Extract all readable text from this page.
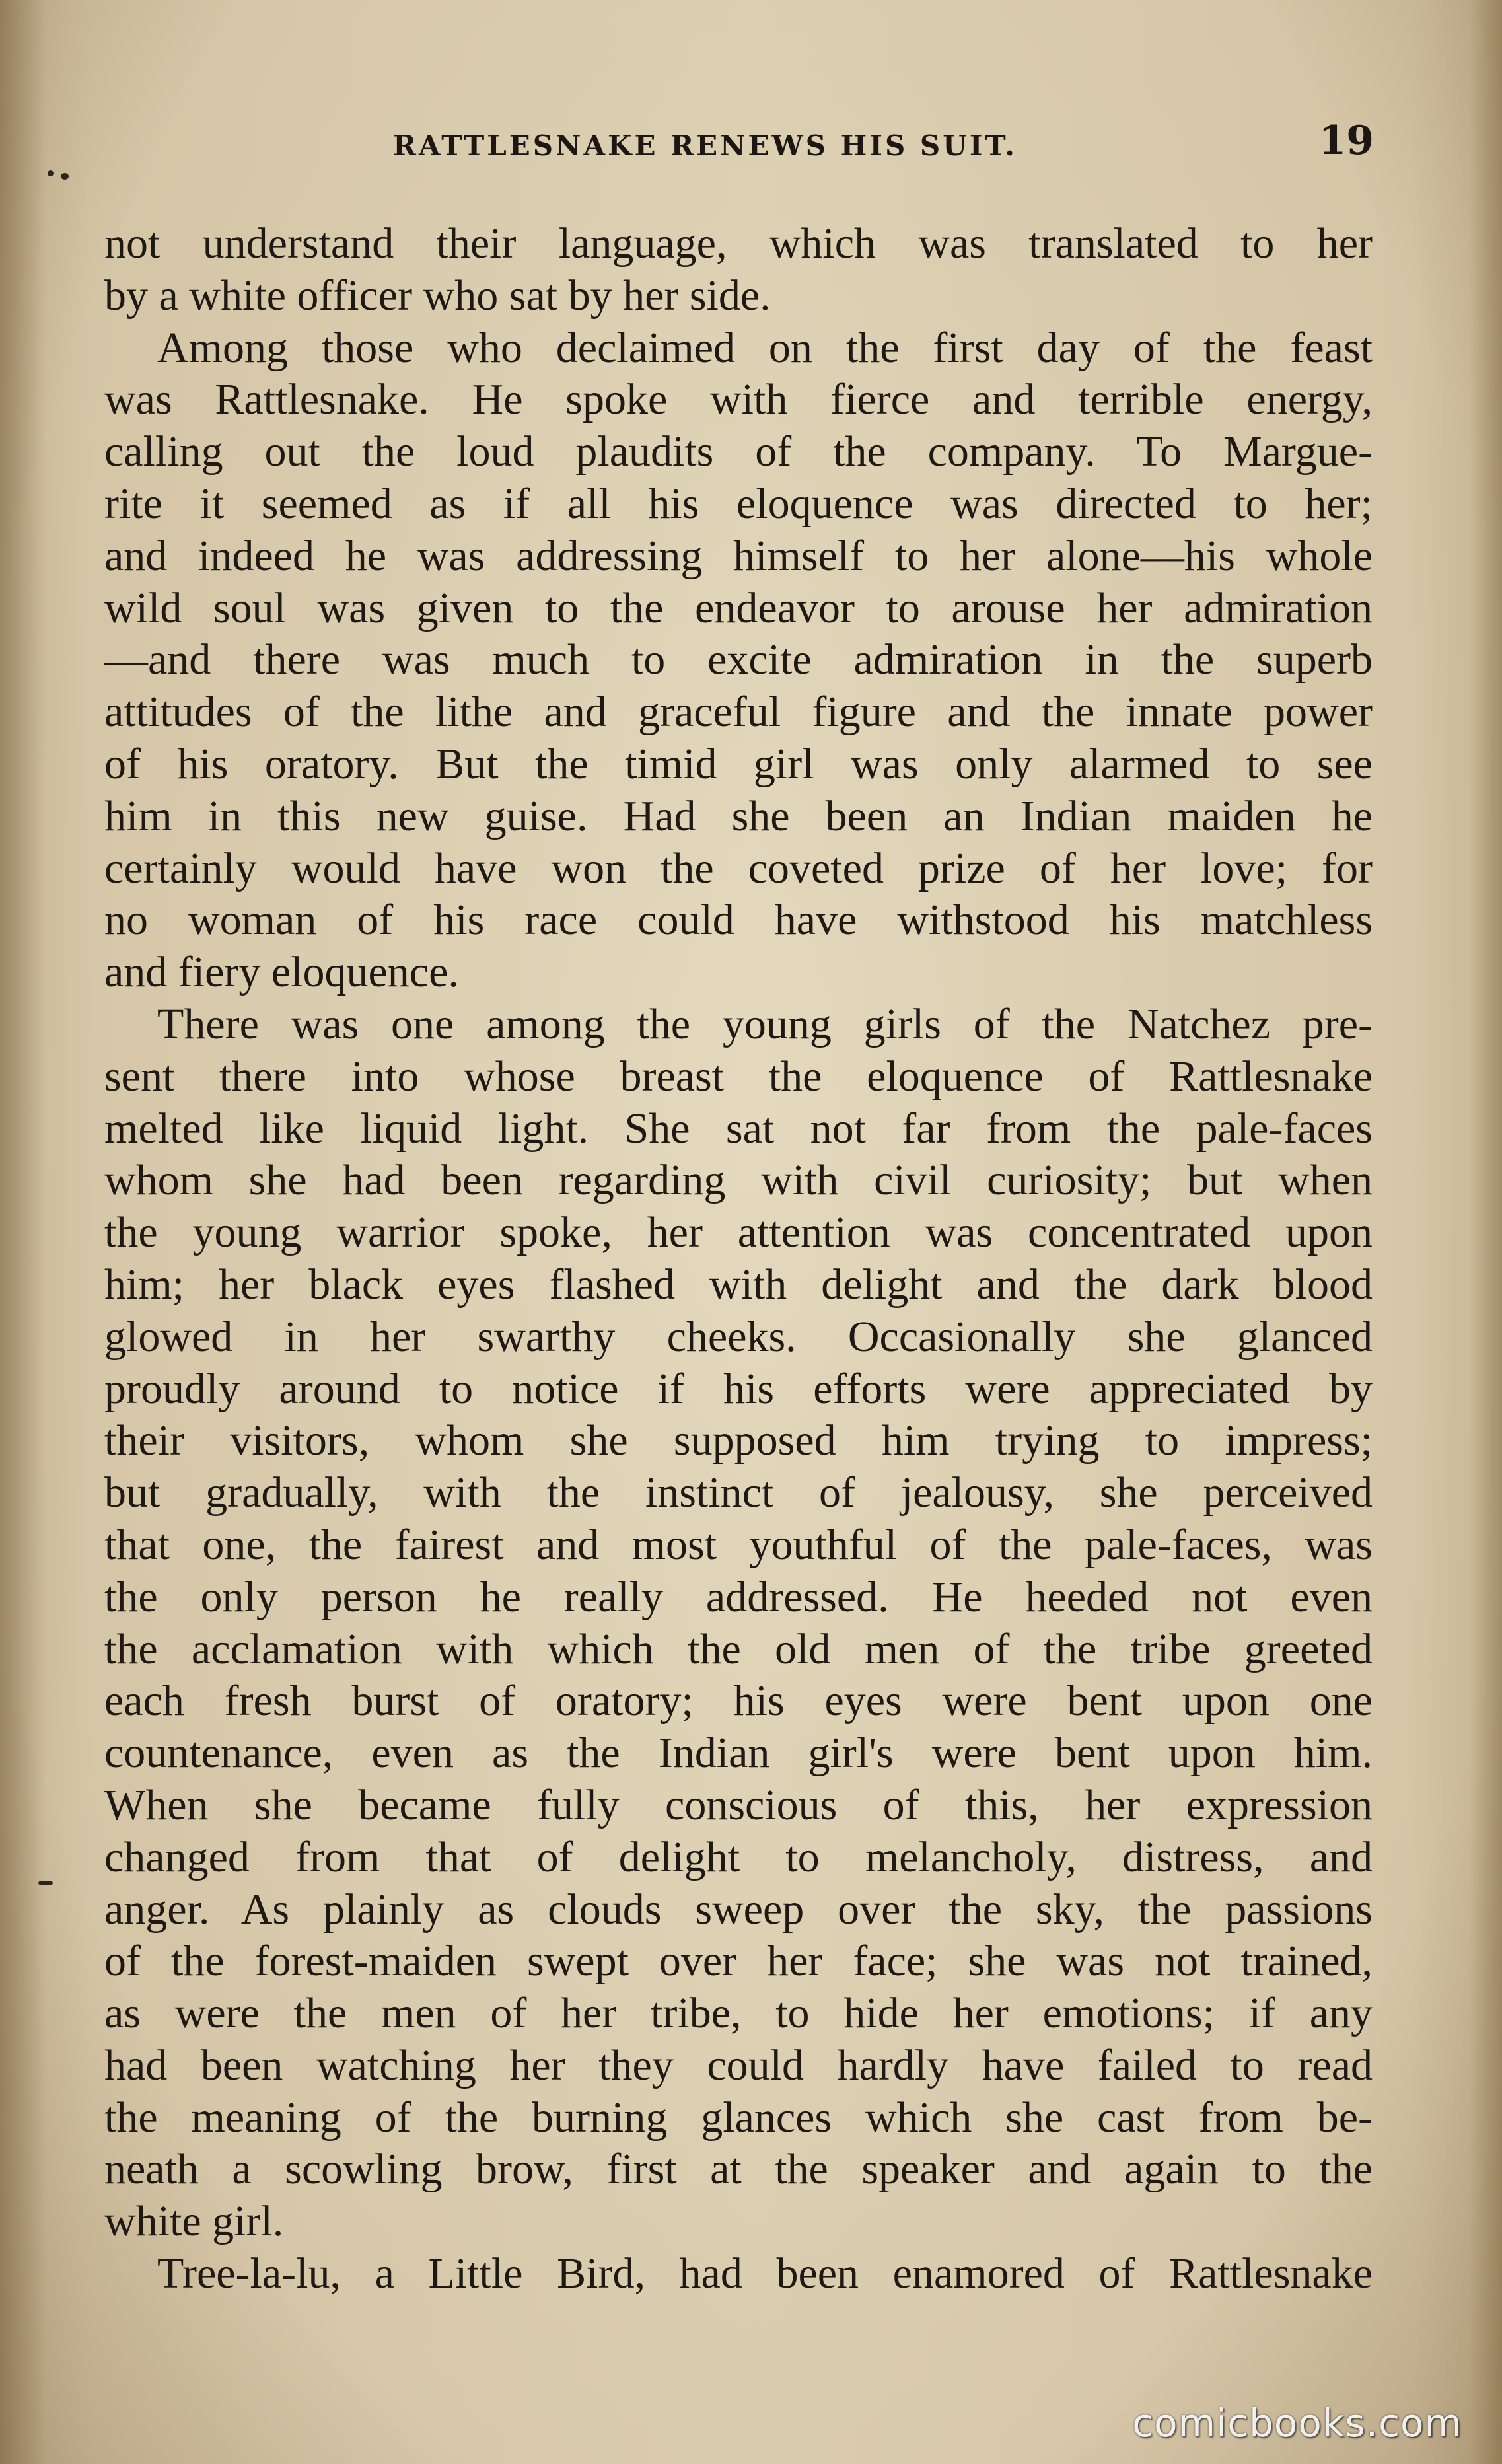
RATTLESNAKE RENEWS HIS SUIT.	19
not understand their language, which was translated to her
by a white officer who sat by her side.
Among those who declaimed on the first day of the feast
was Rattlesnake. He spoke with fierce and terrible energy,
calling out the loud plaudits of the company. To Margue-
rite it seemed as if all his eloquence was directed to her;
and indeed he was addressing himself to her alone—his whole
wild soul was given to the endeavor to arouse her admiration
—and there was much to excite admiration in the superb
attitudes of the lithe and graceful figure and the innate power
of his oratory. But the timid girl was only alarmed to see
him in this new guise. Had she been an Indian maiden he
certainly would have won the coveted prize of her love; for
no woman of his race could have withstood his matchless
and fiery eloquence.
There was one among the young girls of the Natchez pre-
sent there into whose breast the eloquence of Rattlesnake
melted like liquid light. She sat not far from the pale-faces
whom she had been regarding with civil curiosity; but when
the young warrior spoke, her attention was concentrated upon
him; her black eyes flashed with delight and the dark blood
glowed in her swarthy cheeks. Occasionally she glanced
proudly around to notice if his efforts were appreciated by
their visitors, whom she supposed him trying to impress;
but gradually, with the instinct of jealousy, she perceived
that one, the fairest and most youthful of the pale-faces, was
the only person he really addressed. He heeded not even
the acclamation with which the old men of the tribe greeted
each fresh burst of oratory; his eyes were bent upon one
countenance, even as the Indian girl's were bent upon him.
When she became fully conscious of this, her expression
changed from that of delight to melancholy, distress, and
anger. As plainly as clouds sweep over the sky, the passions
of the forest-maiden swept over her face; she was not trained,
as were the men of her tribe, to hide her emotions; if any
had been watching her they could hardly have failed to read
the meaning of the burning glances which she cast from be-
neath a scowling brow, first at the speaker and again to the
white girl.
Tree-la-lu, a Little Bird, had been enamored of Rattlesnake
comicbooks.com
